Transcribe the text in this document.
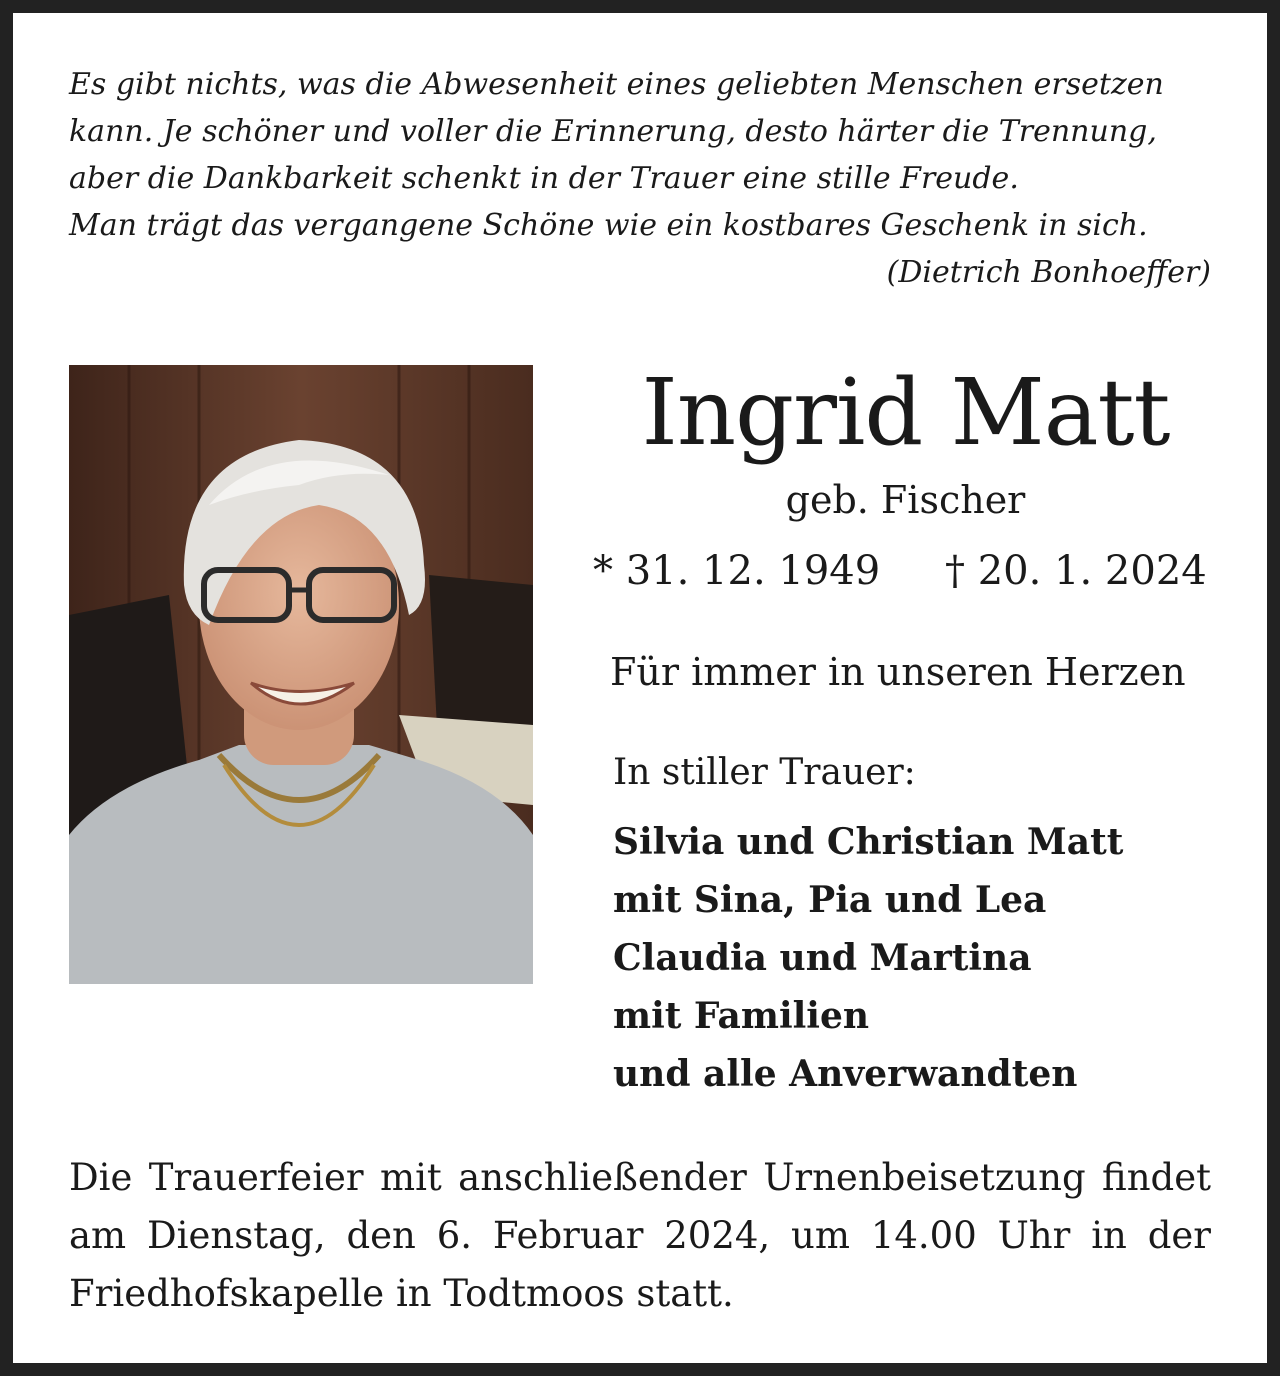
Es gibt nichts, was die Abwesenheit eines geliebten Menschen ersetzen
kann. Je schöner und voller die Erinnerung, desto härter die Trennung,
aber die Dankbarkeit schenkt in der Trauer eine stille Freude.
Man trägt das vergangene Schöne wie ein kostbares Geschenk in sich.
(Dietrich Bonhoeffer)
Ingrid Matt
geb. Fischer
* 31. 12. 1949 † 20. 1. 2024
Für immer in unseren Herzen
In stiller Trauer:
Silvia und Christian Matt
mit Sina, Pia und Lea
Claudia und Martina
mit Familien
und alle Anverwandten
Die Trauerfeier mit anschließender Urnenbeisetzung findet
am Dienstag, den 6. Februar 2024, um 14.00 Uhr in der
Friedhofskapelle in Todtmoos statt.
